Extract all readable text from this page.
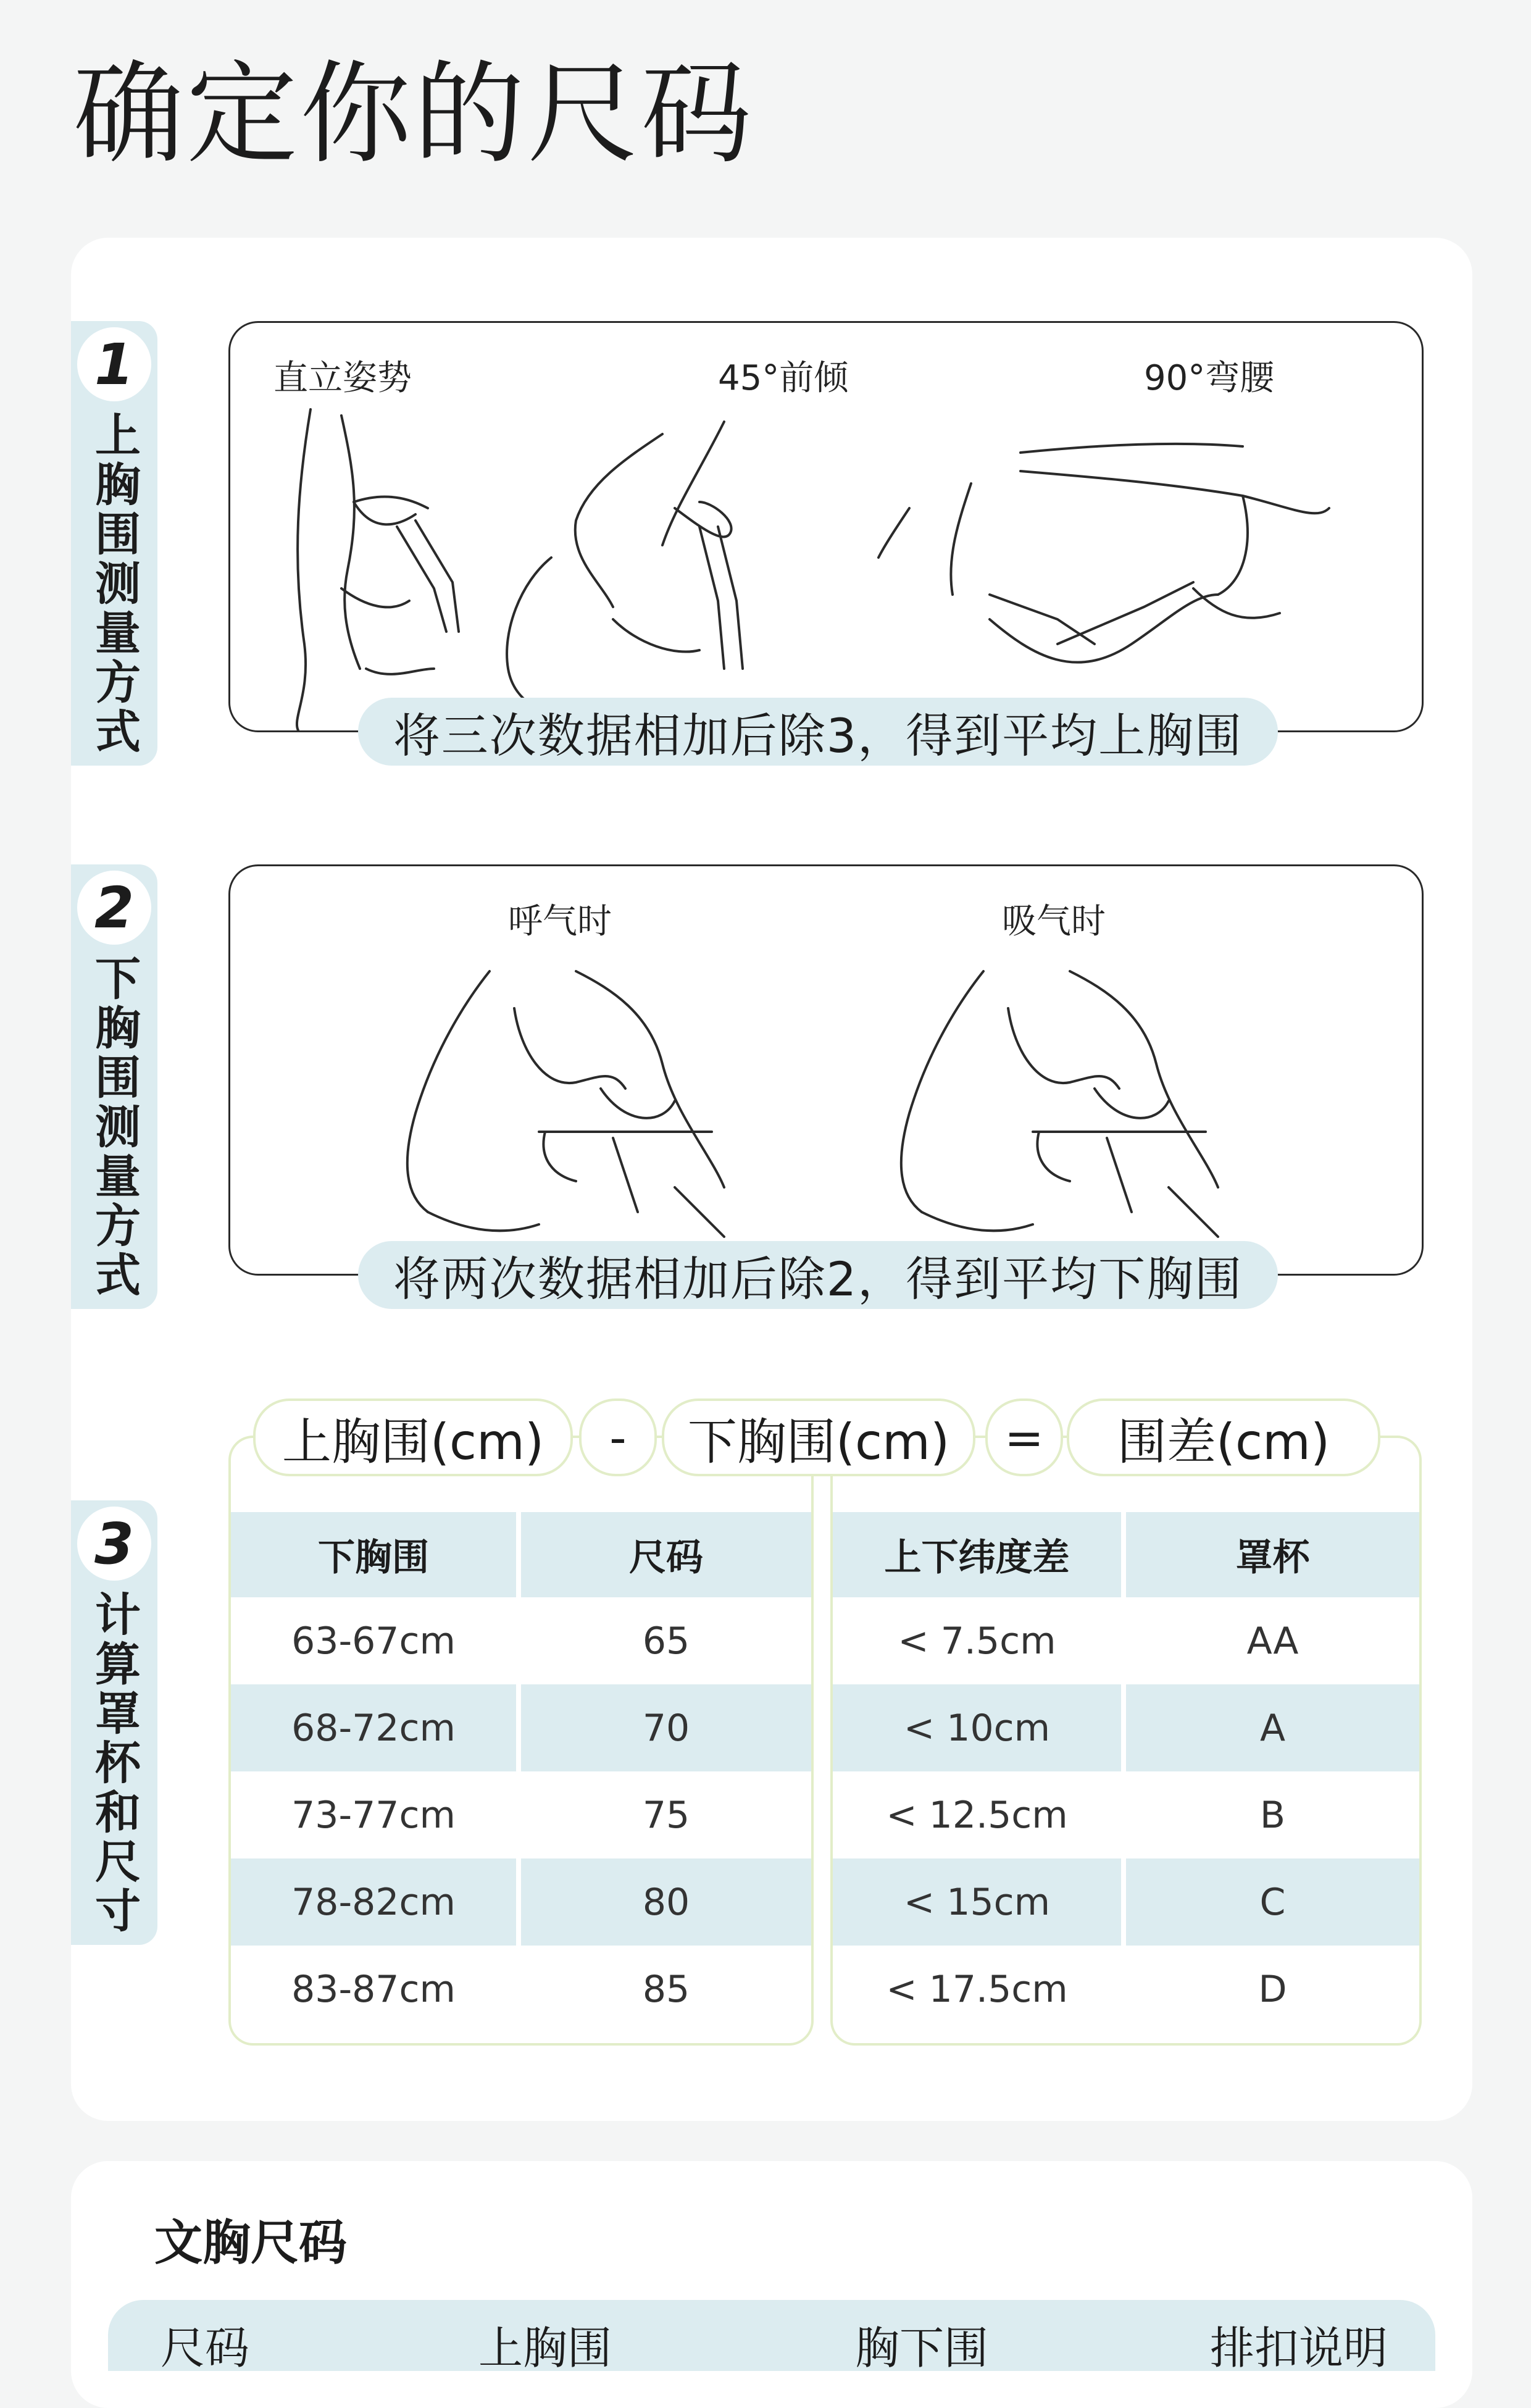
确定你的尺码
1
上胸围测量方式
直立姿势	45°前倾	90°弯腰
将三次数据相加后除3，得到平均上胸围
2
下胸围测量方式
呼气时	吸气时
将两次数据相加后除2，得到平均下胸围
3
计算罩杯和尺寸
下胸围	尺码
63-67cm	65
68-72cm	70
73-77cm	75
78-82cm	80
83-87cm	85
上下纬度差	罩杯
< 7.5cm	AA
< 10cm	A
< 12.5cm	B
< 15cm	C
< 17.5cm	D
上胸围(cm)	-	下胸围(cm)	=	围差(cm)
文胸尺码
尺码	上胸围	胸下围	排扣说明
